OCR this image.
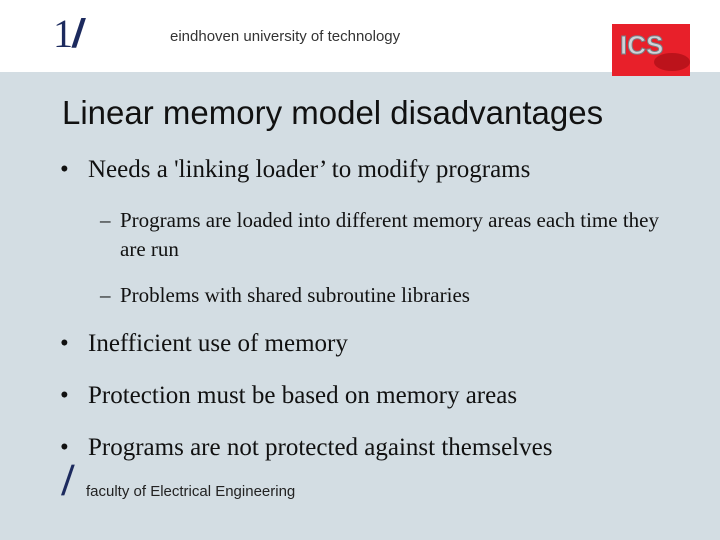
1/	eindhoven university of technology	ICS
Linear memory model disadvantages
• Needs a 'linking loader’ to modify programs
– Programs are loaded into different memory areas each time they are run
– Problems with shared subroutine libraries
• Inefficient use of memory
• Protection must be based on memory areas
• Programs are not protected against themselves
/ faculty of Electrical Engineering
